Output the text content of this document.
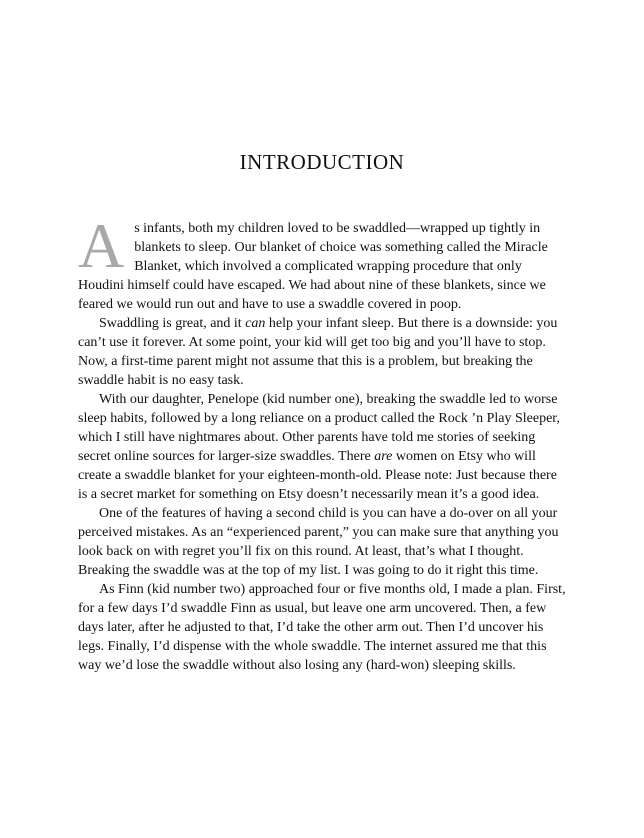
INTRODUCTION

As infants, both my children loved to be swaddled—wrapped up tightly in blankets to sleep. Our blanket of choice was something called the Miracle Blanket, which involved a complicated wrapping procedure that only Houdini himself could have escaped. We had about nine of these blankets, since we feared we would run out and have to use a swaddle covered in poop.

Swaddling is great, and it can help your infant sleep. But there is a downside: you can’t use it forever. At some point, your kid will get too big and you’ll have to stop. Now, a first-time parent might not assume that this is a problem, but breaking the swaddle habit is no easy task.

With our daughter, Penelope (kid number one), breaking the swaddle led to worse sleep habits, followed by a long reliance on a product called the Rock ’n Play Sleeper, which I still have nightmares about. Other parents have told me stories of seeking secret online sources for larger-size swaddles. There are women on Etsy who will create a swaddle blanket for your eighteen-month-old. Please note: Just because there is a secret market for something on Etsy doesn’t necessarily mean it’s a good idea.

One of the features of having a second child is you can have a do-over on all your perceived mistakes. As an “experienced parent,” you can make sure that anything you look back on with regret you’ll fix on this round. At least, that’s what I thought. Breaking the swaddle was at the top of my list. I was going to do it right this time.

As Finn (kid number two) approached four or five months old, I made a plan. First, for a few days I’d swaddle Finn as usual, but leave one arm uncovered. Then, a few days later, after he adjusted to that, I’d take the other arm out. Then I’d uncover his legs. Finally, I’d dispense with the whole swaddle. The internet assured me that this way we’d lose the swaddle without also losing any (hard-won) sleeping skills.
